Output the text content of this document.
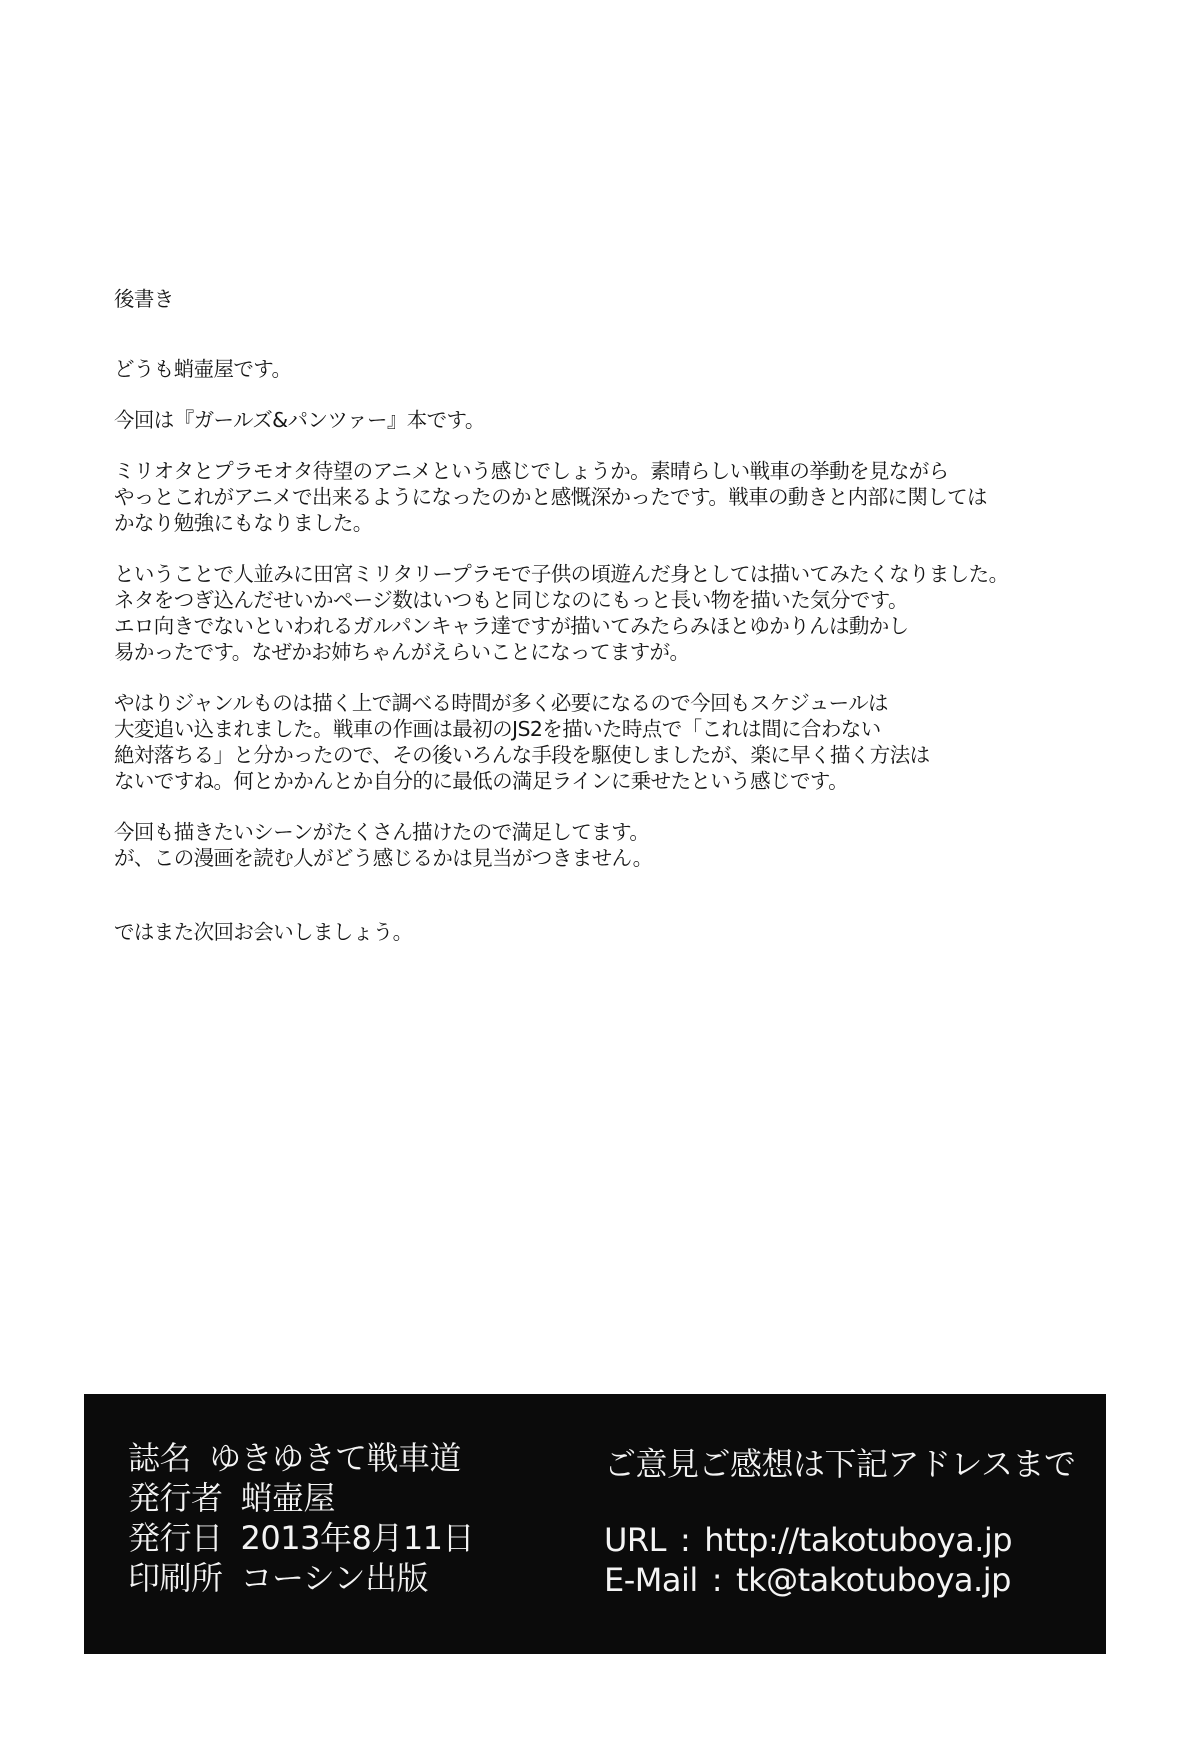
後書き
どうも蛸壷屋です。
今回は『ガールズ&パンツァー』本です。
ミリオタとプラモオタ待望のアニメという感じでしょうか。素晴らしい戦車の挙動を見ながら
やっとこれがアニメで出来るようになったのかと感慨深かったです。戦車の動きと内部に関しては
かなり勉強にもなりました。
ということで人並みに田宮ミリタリープラモで子供の頃遊んだ身としては描いてみたくなりました。
ネタをつぎ込んだせいかページ数はいつもと同じなのにもっと長い物を描いた気分です。
エロ向きでないといわれるガルパンキャラ達ですが描いてみたらみほとゆかりんは動かし
易かったです。なぜかお姉ちゃんがえらいことになってますが。
やはりジャンルものは描く上で調べる時間が多く必要になるので今回もスケジュールは
大変追い込まれました。戦車の作画は最初のJS2を描いた時点で「これは間に合わない
絶対落ちる」と分かったので、その後いろんな手段を駆使しましたが、楽に早く描く方法は
ないですね。何とかかんとか自分的に最低の満足ラインに乗せたという感じです。
今回も描きたいシーンがたくさん描けたので満足してます。
が、この漫画を読む人がどう感じるかは見当がつきません。
ではまた次回お会いしましょう。
誌名 ゆきゆきて戦車道
発行者 蛸壷屋
発行日 2013年8月11日
印刷所 コーシン出版
ご意見ご感想は下記アドレスまで
URL : http://takotuboya.jp
E-Mail : tk@takotuboya.jp
